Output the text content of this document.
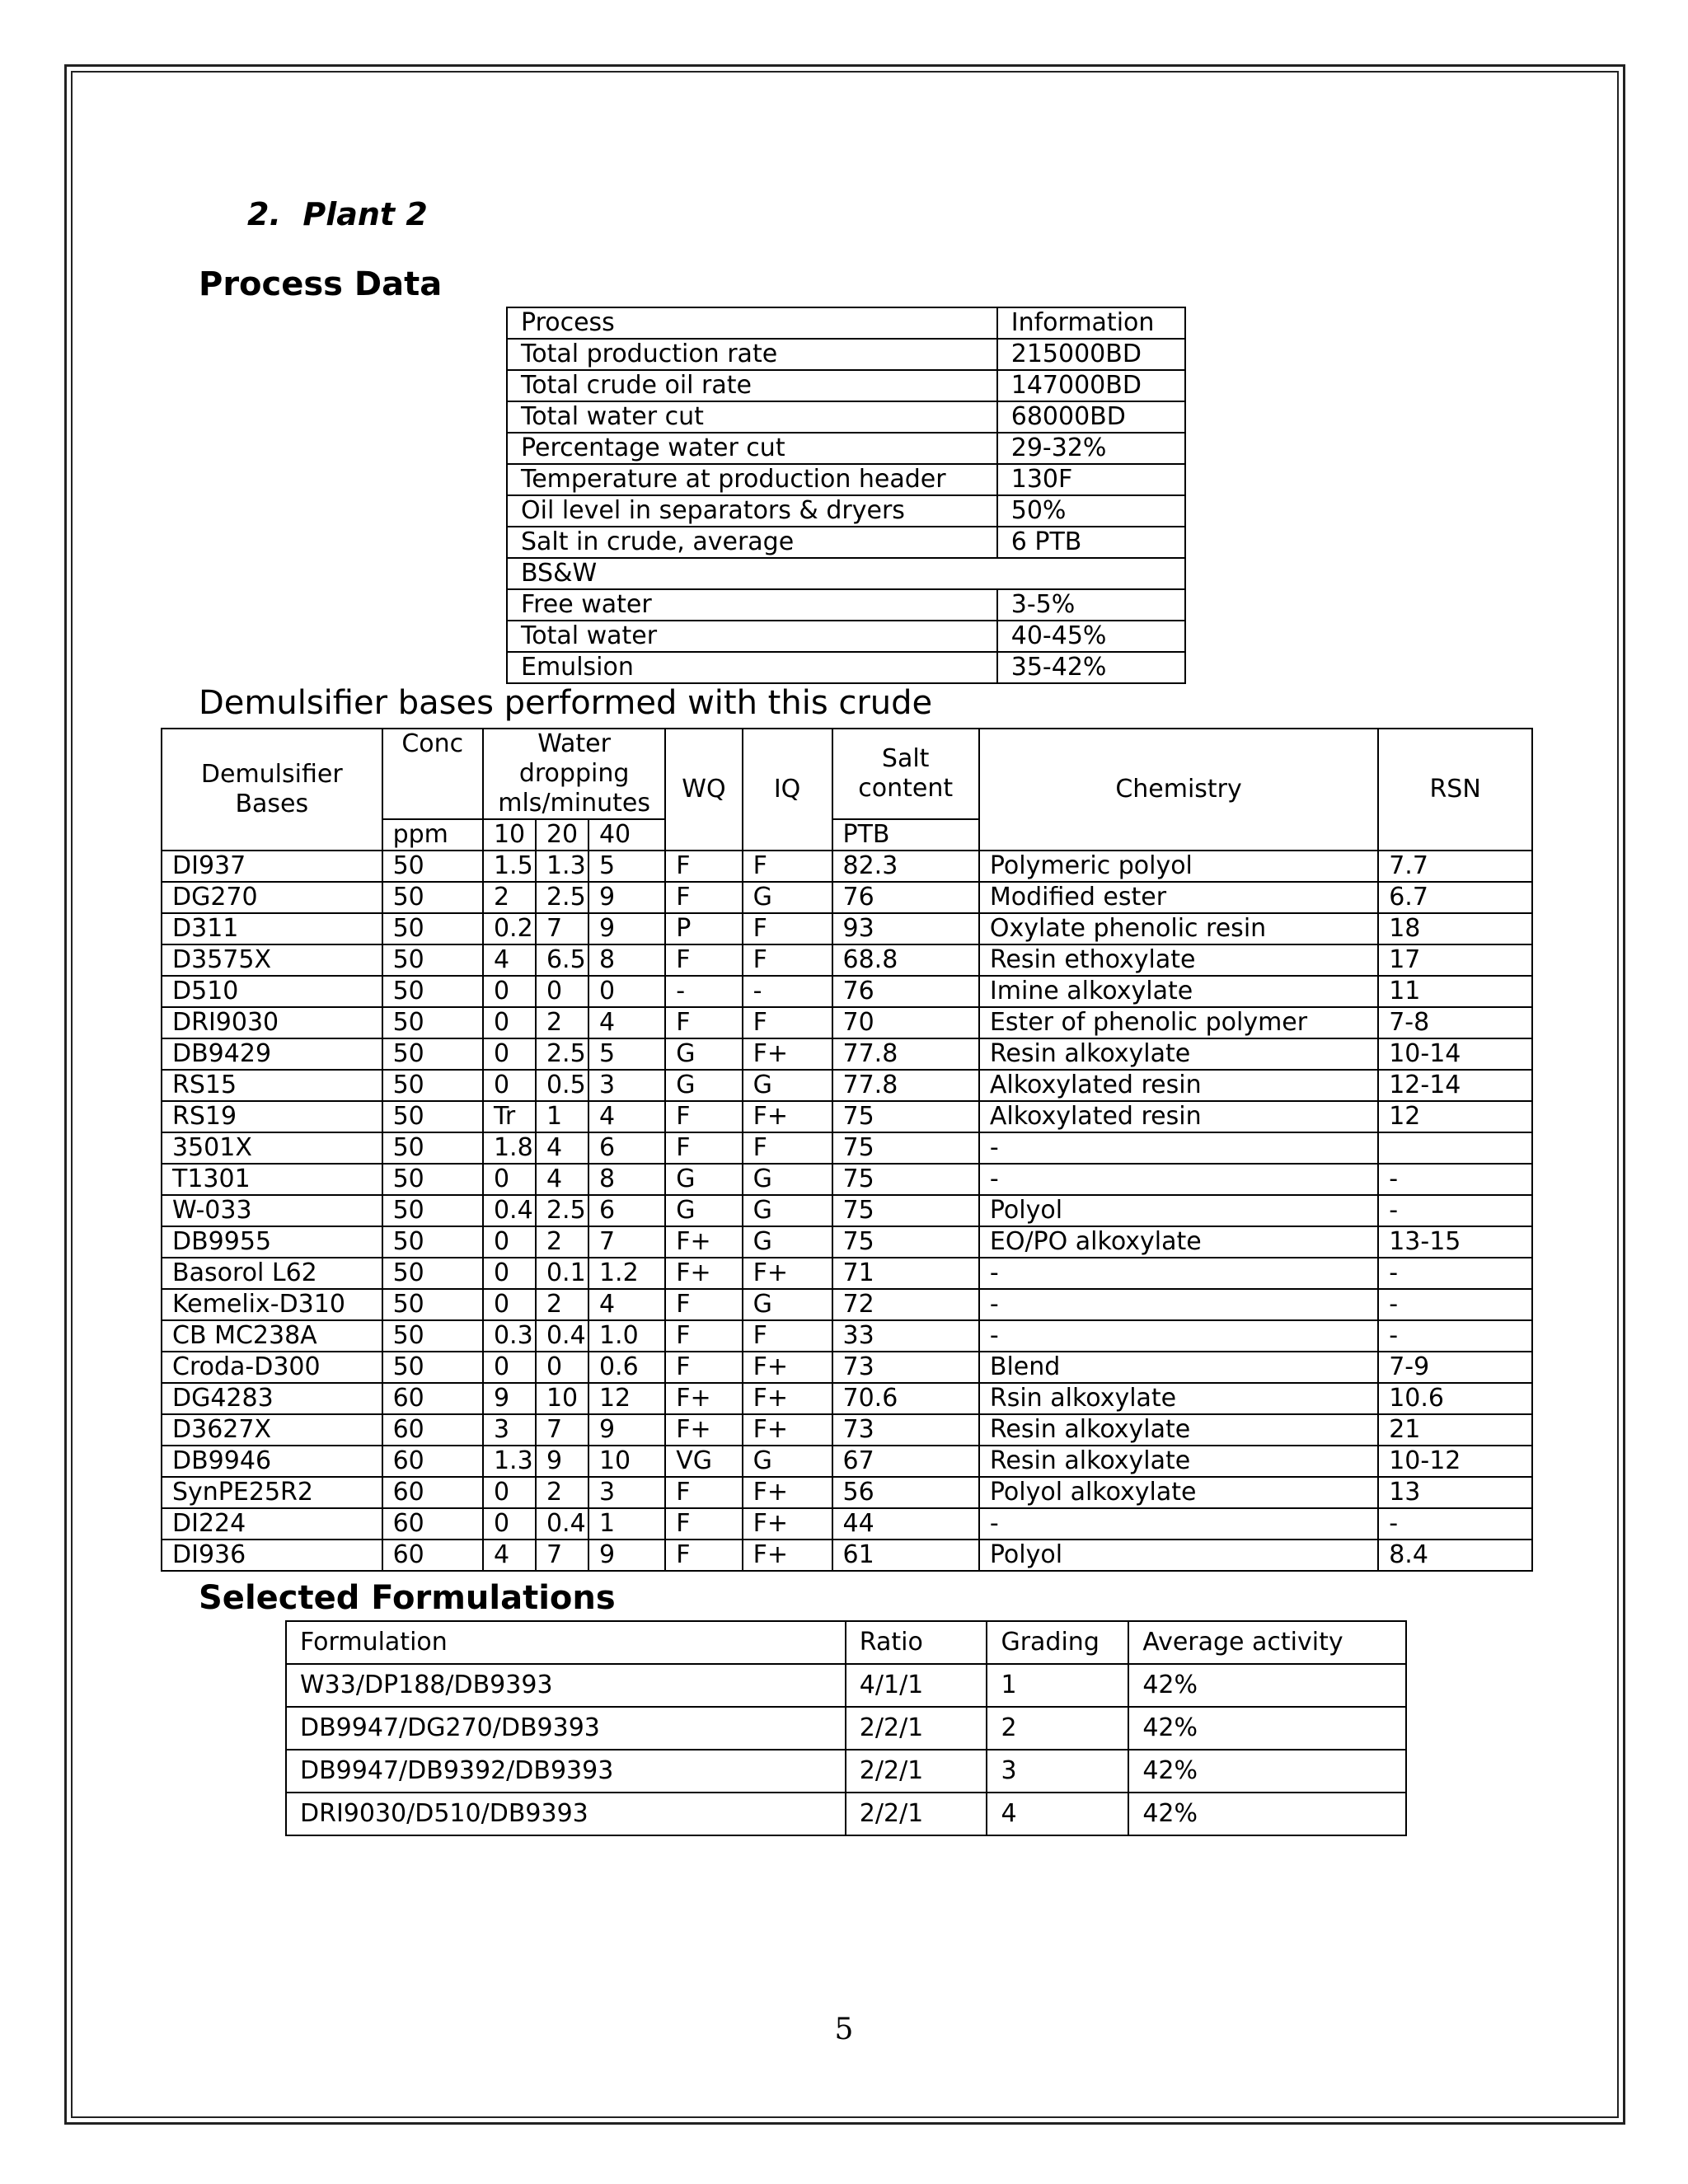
2. Plant 2
Process Data
Process	Information
Total production rate	215000BD
Total crude oil rate	147000BD
Total water cut	68000BD
Percentage water cut	29-32%
Temperature at production header	130F
Oil level in separators & dryers	50%
Salt in crude, average	6 PTB
BS&W	
Free water	3-5%
Total water	40-45%
Emulsion	35-42%
Demulsifier bases performed with this crude
Demulsifier Bases	Conc	Water dropping mls/minutes			WQ	IQ	Salt content	Chemistry	RSN
	ppm	10	20	40			PTB		
DI937	50	1.5	1.3	5	F	F	82.3	Polymeric polyol	7.7
DG270	50	2	2.5	9	F	G	76	Modified ester	6.7
D311	50	0.2	7	9	P	F	93	Oxylate phenolic resin	18
D3575X	50	4	6.5	8	F	F	68.8	Resin ethoxylate	17
D510	50	0	0	0	-	-	76	Imine alkoxylate	11
DRI9030	50	0	2	4	F	F	70	Ester of phenolic polymer	7-8
DB9429	50	0	2.5	5	G	F+	77.8	Resin alkoxylate	10-14
RS15	50	0	0.5	3	G	G	77.8	Alkoxylated resin	12-14
RS19	50	Tr	1	4	F	F+	75	Alkoxylated resin	12
3501X	50	1.8	4	6	F	F	75	-	
T1301	50	0	4	8	G	G	75	-	-
W-033	50	0.4	2.5	6	G	G	75	Polyol	-
DB9955	50	0	2	7	F+	G	75	EO/PO alkoxylate	13-15
Basorol L62	50	0	0.1	1.2	F+	F+	71	-	-
Kemelix-D310	50	0	2	4	F	G	72	-	-
CB MC238A	50	0.3	0.4	1.0	F	F	33	-	-
Croda-D300	50	0	0	0.6	F	F+	73	Blend	7-9
DG4283	60	9	10	12	F+	F+	70.6	Rsin alkoxylate	10.6
D3627X	60	3	7	9	F+	F+	73	Resin alkoxylate	21
DB9946	60	1.3	9	10	VG	G	67	Resin alkoxylate	10-12
SynPE25R2	60	0	2	3	F	F+	56	Polyol alkoxylate	13
DI224	60	0	0.4	1	F	F+	44	-	-
DI936	60	4	7	9	F	F+	61	Polyol	8.4
Selected Formulations
Formulation	Ratio	Grading	Average activity
W33/DP188/DB9393	4/1/1	1	42%
DB9947/DG270/DB9393	2/2/1	2	42%
DB9947/DB9392/DB9393	2/2/1	3	42%
DRI9030/D510/DB9393	2/2/1	4	42%
5
